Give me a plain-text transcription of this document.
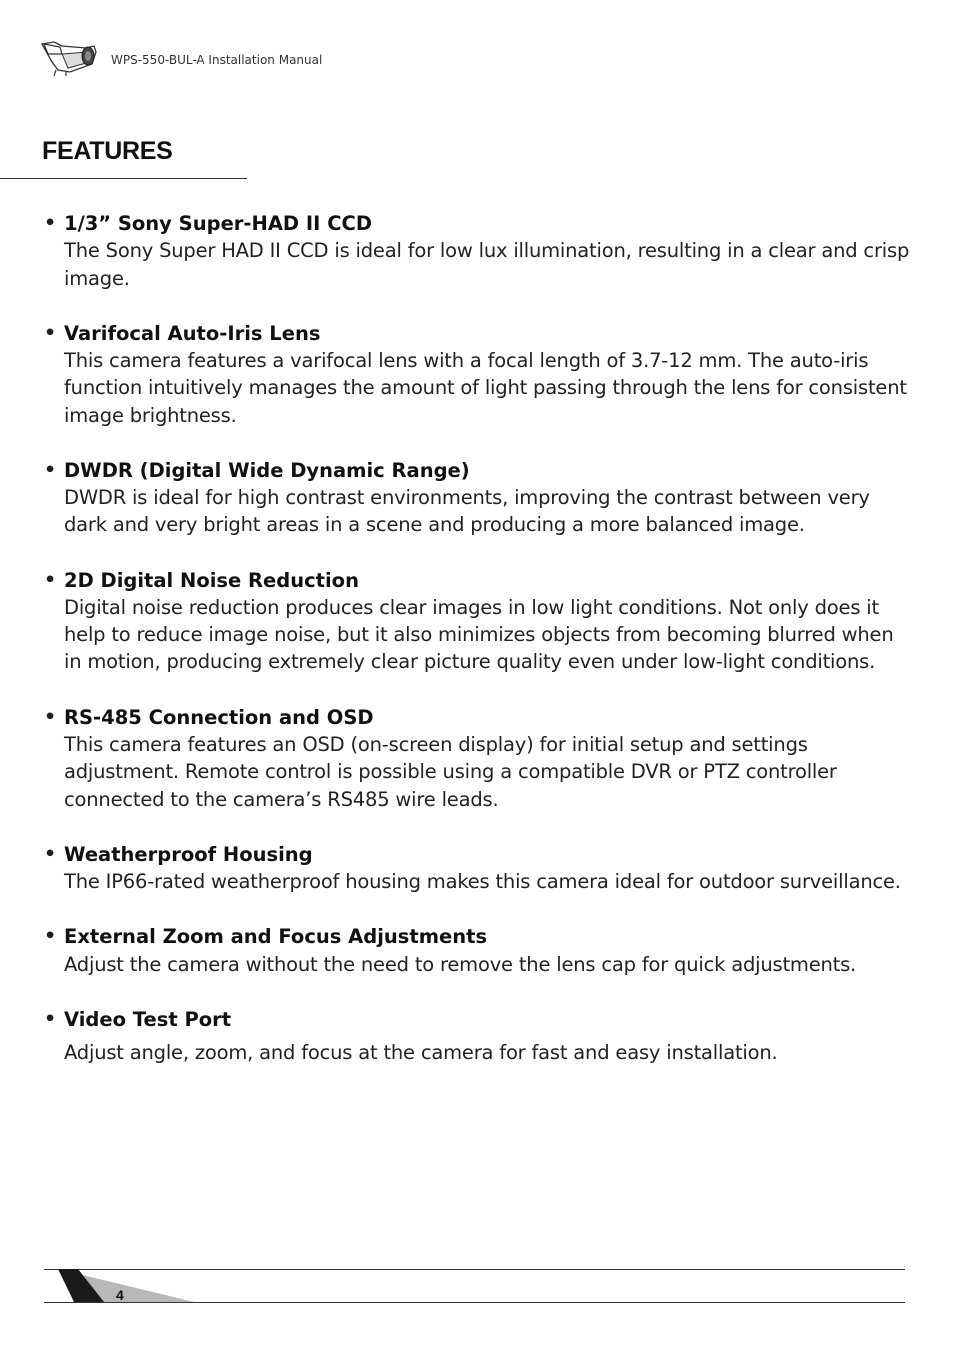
WPS-550-BUL-A Installation Manual
FEATURES
• 1/3” Sony Super-HAD II CCD

The Sony Super HAD II CCD is ideal for low lux illumination, resulting in a clear and crisp image.

• Varifocal Auto-Iris Lens

This camera features a varifocal lens with a focal length of 3.7-12 mm. The auto-iris function intuitively manages the amount of light passing through the lens for consistent image brightness.

• DWDR (Digital Wide Dynamic Range)

DWDR is ideal for high contrast environments, improving the contrast between very dark and very bright areas in a scene and producing a more balanced image.

• 2D Digital Noise Reduction

Digital noise reduction produces clear images in low light conditions. Not only does it help to reduce image noise, but it also minimizes objects from becoming blurred when in motion, producing extremely clear picture quality even under low-light conditions.

• RS-485 Connection and OSD

This camera features an OSD (on-screen display) for initial setup and settings adjustment. Remote control is possible using a compatible DVR or PTZ controller connected to the camera’s RS485 wire leads.

• Weatherproof Housing

The IP66-rated weatherproof housing makes this camera ideal for outdoor surveillance.

• External Zoom and Focus Adjustments

Adjust the camera without the need to remove the lens cap for quick adjustments.

• Video Test Port

Adjust angle, zoom, and focus at the camera for fast and easy installation.

4
